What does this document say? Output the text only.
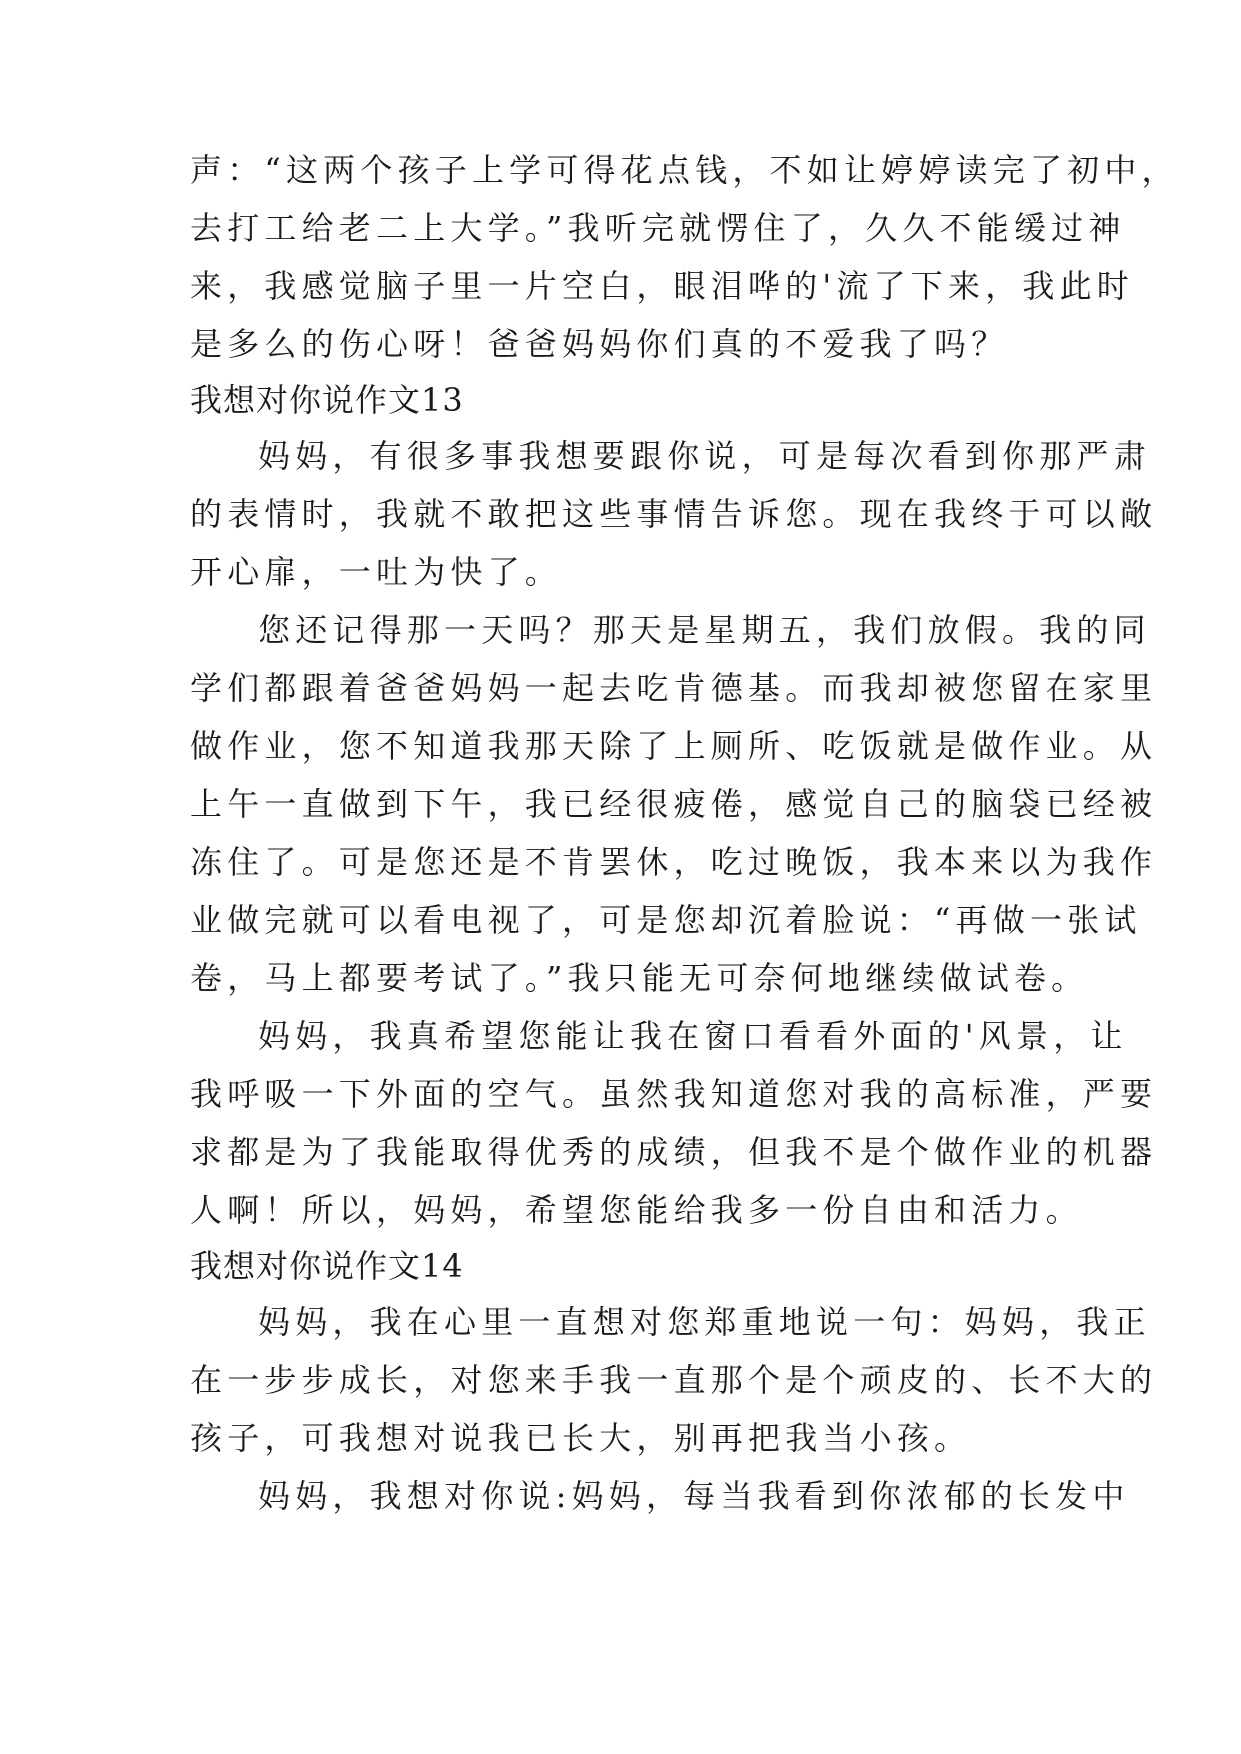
声：“这两个孩子上学可得花点钱，不如让婷婷读完了初中，
去打工给老二上大学。”我听完就愣住了，久久不能缓过神
来，我感觉脑子里一片空白，眼泪哗的'流了下来，我此时
是多么的伤心呀！爸爸妈妈你们真的不爱我了吗？
我想对你说作文13
妈妈，有很多事我想要跟你说，可是每次看到你那严肃
的表情时，我就不敢把这些事情告诉您。现在我终于可以敞
开心扉，一吐为快了。
您还记得那一天吗？那天是星期五，我们放假。我的同
学们都跟着爸爸妈妈一起去吃肯德基。而我却被您留在家里
做作业，您不知道我那天除了上厕所、吃饭就是做作业。从
上午一直做到下午，我已经很疲倦，感觉自己的脑袋已经被
冻住了。可是您还是不肯罢休，吃过晚饭，我本来以为我作
业做完就可以看电视了，可是您却沉着脸说：“再做一张试
卷，马上都要考试了。”我只能无可奈何地继续做试卷。
妈妈，我真希望您能让我在窗口看看外面的'风景，让
我呼吸一下外面的空气。虽然我知道您对我的高标准，严要
求都是为了我能取得优秀的成绩，但我不是个做作业的机器
人啊！所以，妈妈，希望您能给我多一份自由和活力。
我想对你说作文14
妈妈，我在心里一直想对您郑重地说一句：妈妈，我正
在一步步成长，对您来手我一直那个是个顽皮的、长不大的
孩子，可我想对说我已长大，别再把我当小孩。
妈妈，我想对你说:妈妈，每当我看到你浓郁的长发中
